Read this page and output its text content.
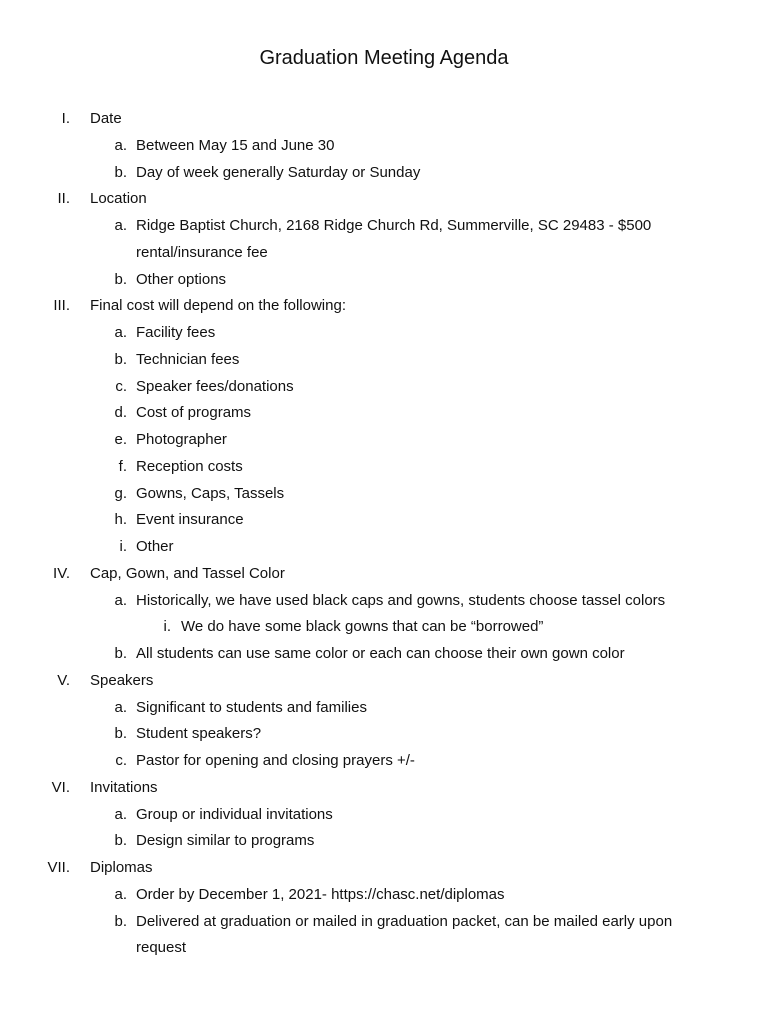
Graduation Meeting Agenda
I. Date
a. Between May 15 and June 30
b. Day of week generally Saturday or Sunday
II. Location
a. Ridge Baptist Church, 2168 Ridge Church Rd, Summerville, SC 29483 - $500
rental/insurance fee
b. Other options
III. Final cost will depend on the following:
a. Facility fees
b. Technician fees
c. Speaker fees/donations
d. Cost of programs
e. Photographer
f. Reception costs
g. Gowns, Caps, Tassels
h. Event insurance
i. Other
IV. Cap, Gown, and Tassel Color
a. Historically, we have used black caps and gowns, students choose tassel colors
i. We do have some black gowns that can be “borrowed”
b. All students can use same color or each can choose their own gown color
V. Speakers
a. Significant to students and families
b. Student speakers?
c. Pastor for opening and closing prayers +/-
VI. Invitations
a. Group or individual invitations
b. Design similar to programs
VII. Diplomas
a. Order by December 1, 2021- https://chasc.net/diplomas
b. Delivered at graduation or mailed in graduation packet, can be mailed early upon
request
